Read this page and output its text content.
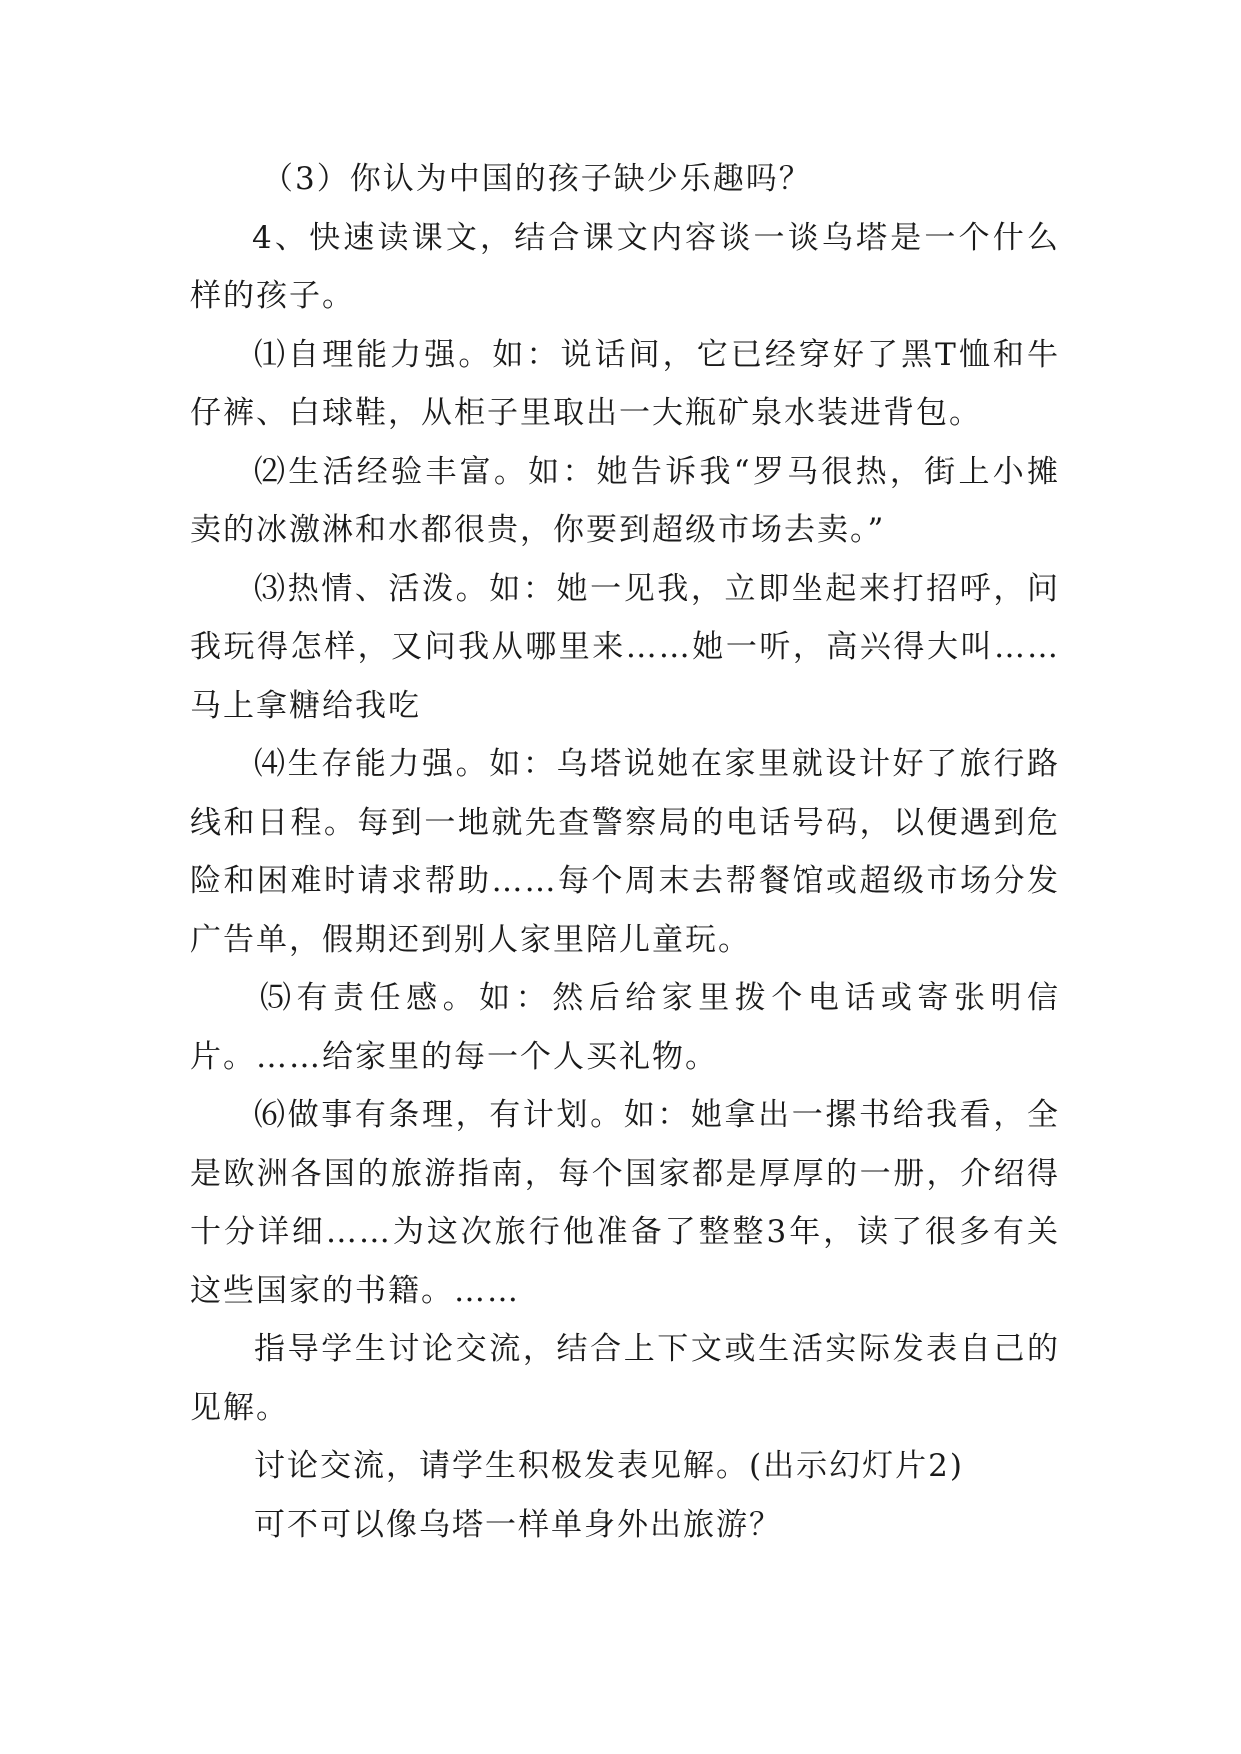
（3）你认为中国的孩子缺少乐趣吗？

4、快速读课文，结合课文内容谈一谈乌塔是一个什么样的孩子。

⑴自理能力强。如：说话间，它已经穿好了黑T恤和牛仔裤、白球鞋，从柜子里取出一大瓶矿泉水装进背包。

⑵生活经验丰富。如：她告诉我“罗马很热，街上小摊卖的冰激淋和水都很贵，你要到超级市场去卖。”

⑶热情、活泼。如：她一见我，立即坐起来打招呼，问我玩得怎样，又问我从哪里来……她一听，高兴得大叫……马上拿糖给我吃

⑷生存能力强。如：乌塔说她在家里就设计好了旅行路线和日程。每到一地就先查警察局的电话号码，以便遇到危险和困难时请求帮助……每个周末去帮餐馆或超级市场分发广告单，假期还到别人家里陪儿童玩。

⑸有责任感。如：然后给家里拨个电话或寄张明信片。……给家里的每一个人买礼物。

⑹做事有条理，有计划。如：她拿出一摞书给我看，全是欧洲各国的旅游指南，每个国家都是厚厚的一册，介绍得十分详细……为这次旅行他准备了整整3年，读了很多有关这些国家的书籍。……

指导学生讨论交流，结合上下文或生活实际发表自己的见解。

讨论交流，请学生积极发表见解。(出示幻灯片2)

可不可以像乌塔一样单身外出旅游？
